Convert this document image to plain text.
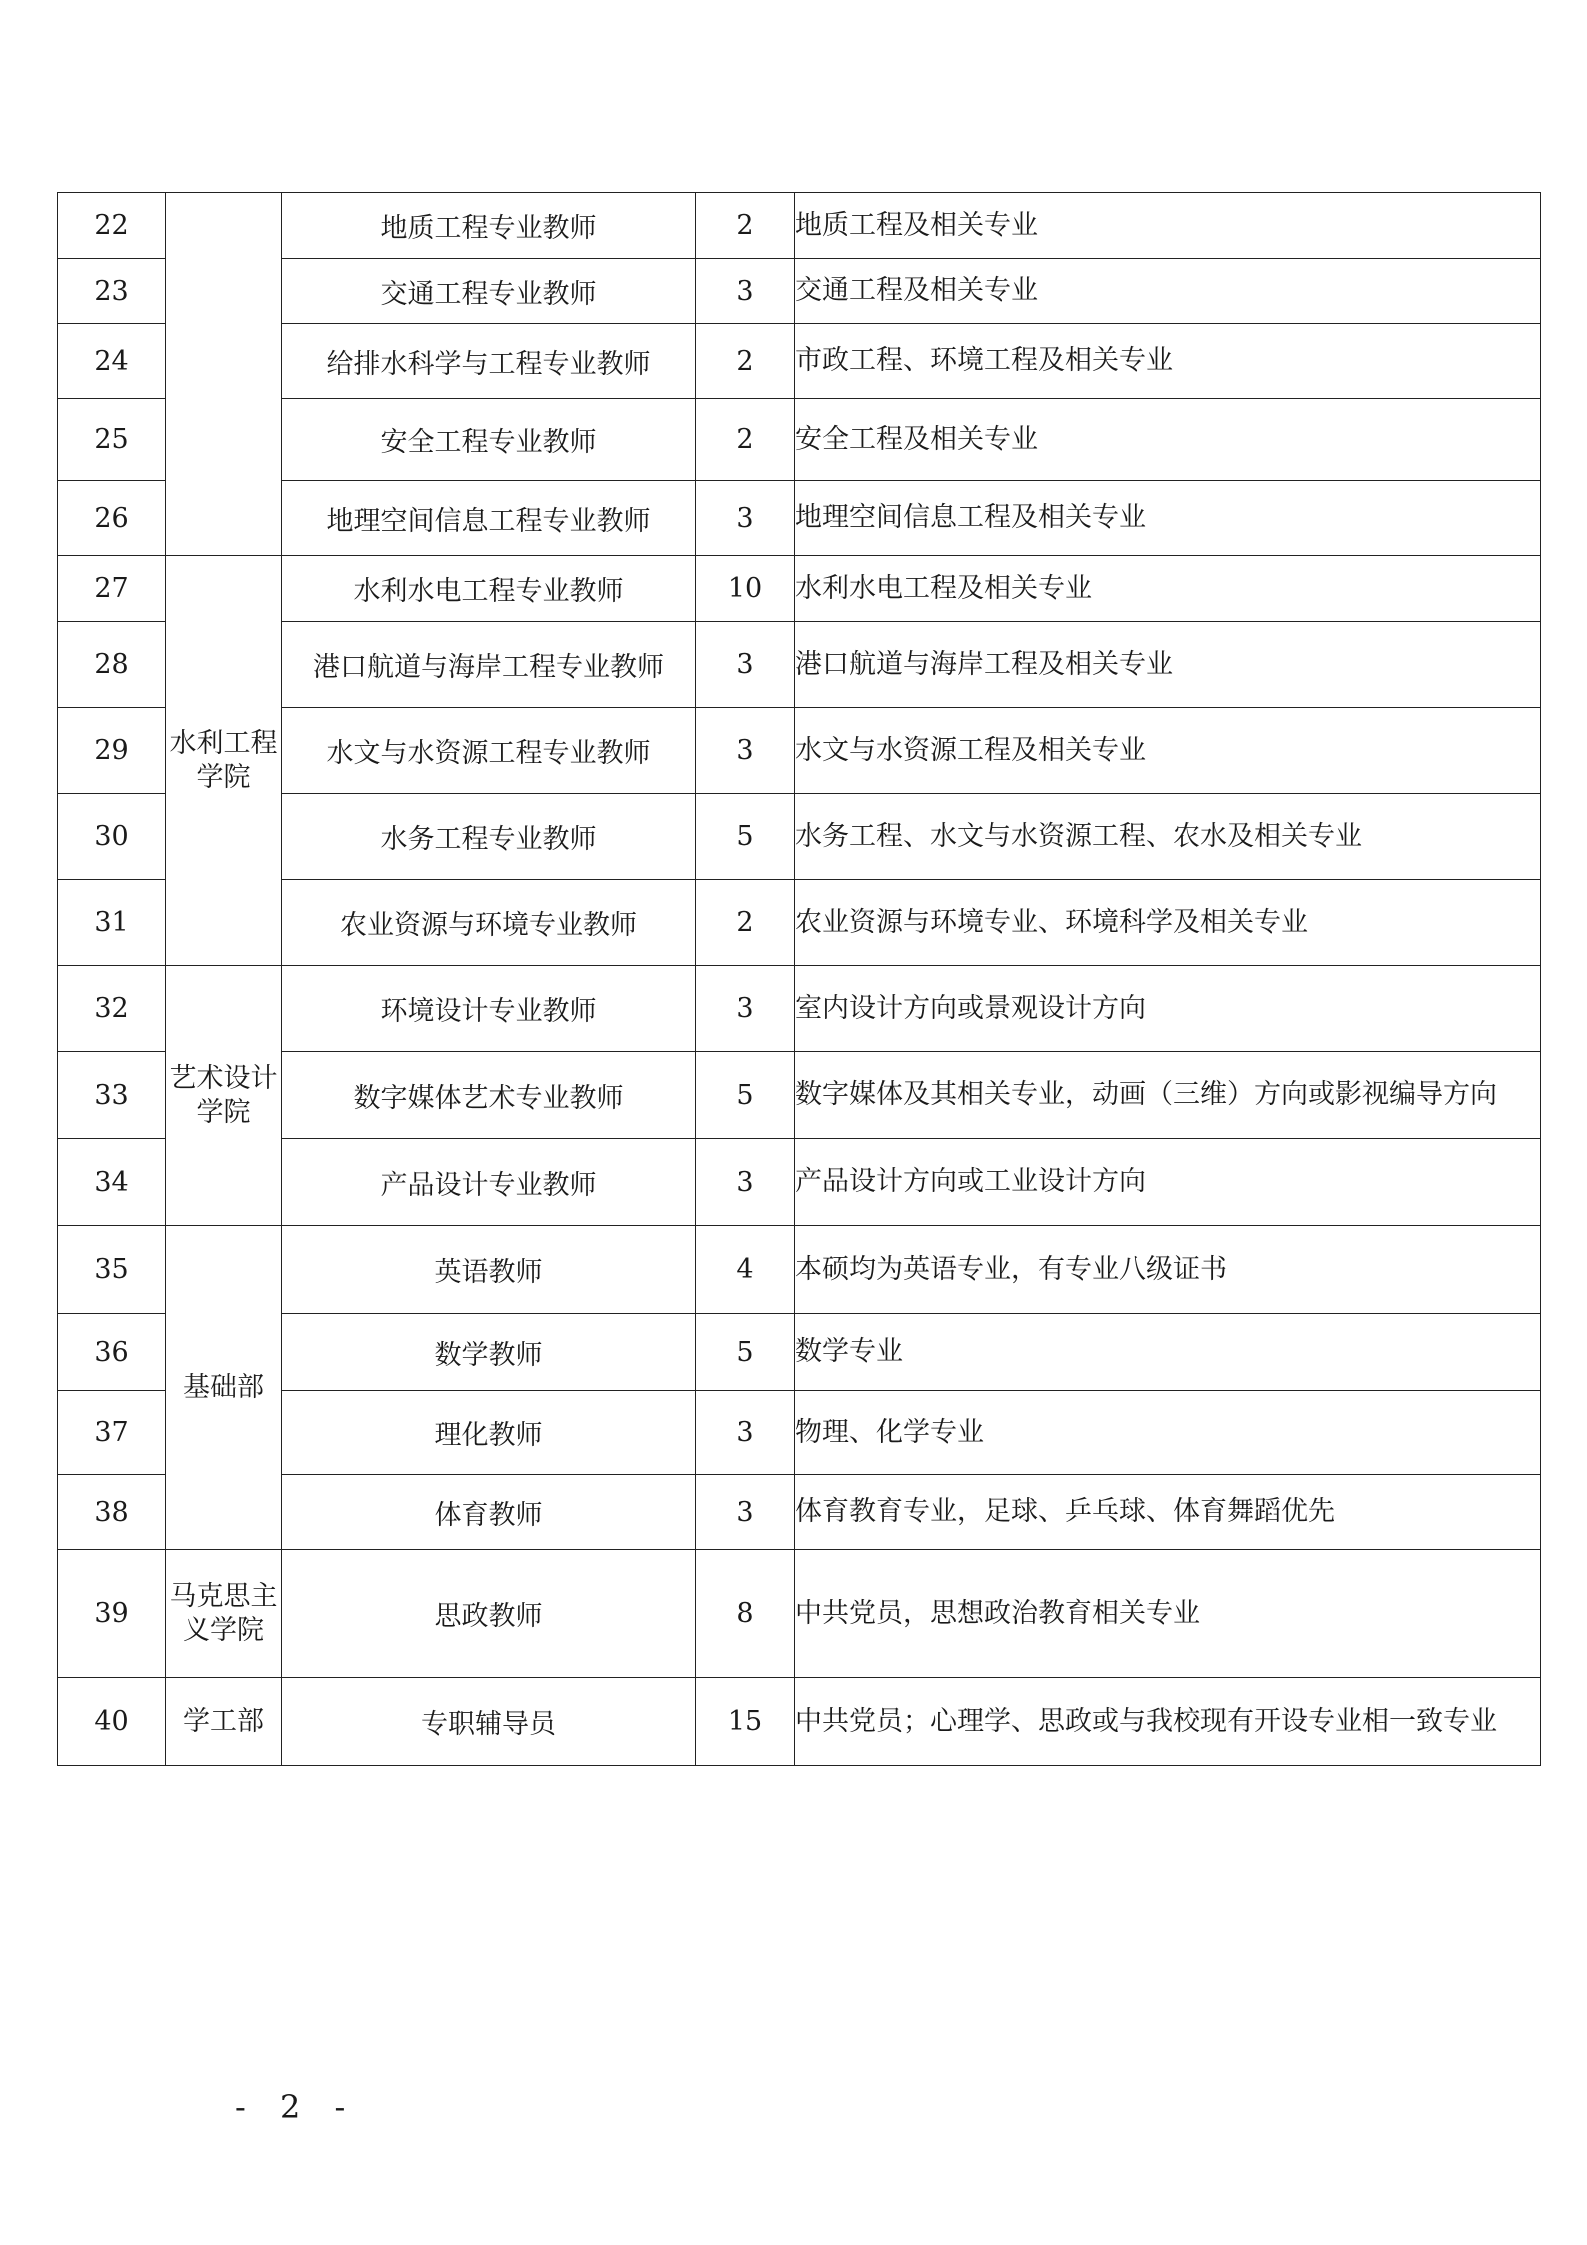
22		地质工程专业教师	2	地质工程及相关专业
23		交通工程专业教师	3	交通工程及相关专业
24		给排水科学与工程专业教师	2	市政工程、环境工程及相关专业
25		安全工程专业教师	2	安全工程及相关专业
26		地理空间信息工程专业教师	3	地理空间信息工程及相关专业
27	水利工程学院	水利水电工程专业教师	10	水利水电工程及相关专业
28		港口航道与海岸工程专业教师	3	港口航道与海岸工程及相关专业
29		水文与水资源工程专业教师	3	水文与水资源工程及相关专业
30		水务工程专业教师	5	水务工程、水文与水资源工程、农水及相关专业
31		农业资源与环境专业教师	2	农业资源与环境专业、环境科学及相关专业
32	艺术设计学院	环境设计专业教师	3	室内设计方向或景观设计方向
33		数字媒体艺术专业教师	5	数字媒体及其相关专业，动画（三维）方向或影视编导方向
34		产品设计专业教师	3	产品设计方向或工业设计方向
35	基础部	英语教师	4	本硕均为英语专业，有专业八级证书
36		数学教师	5	数学专业
37		理化教师	3	物理、化学专业
38		体育教师	3	体育教育专业，足球、乒乓球、体育舞蹈优先
39	马克思主义学院	思政教师	8	中共党员，思想政治教育相关专业
40	学工部	专职辅导员	15	中共党员；心理学、思政或与我校现有开设专业相一致专业
- 2 -
